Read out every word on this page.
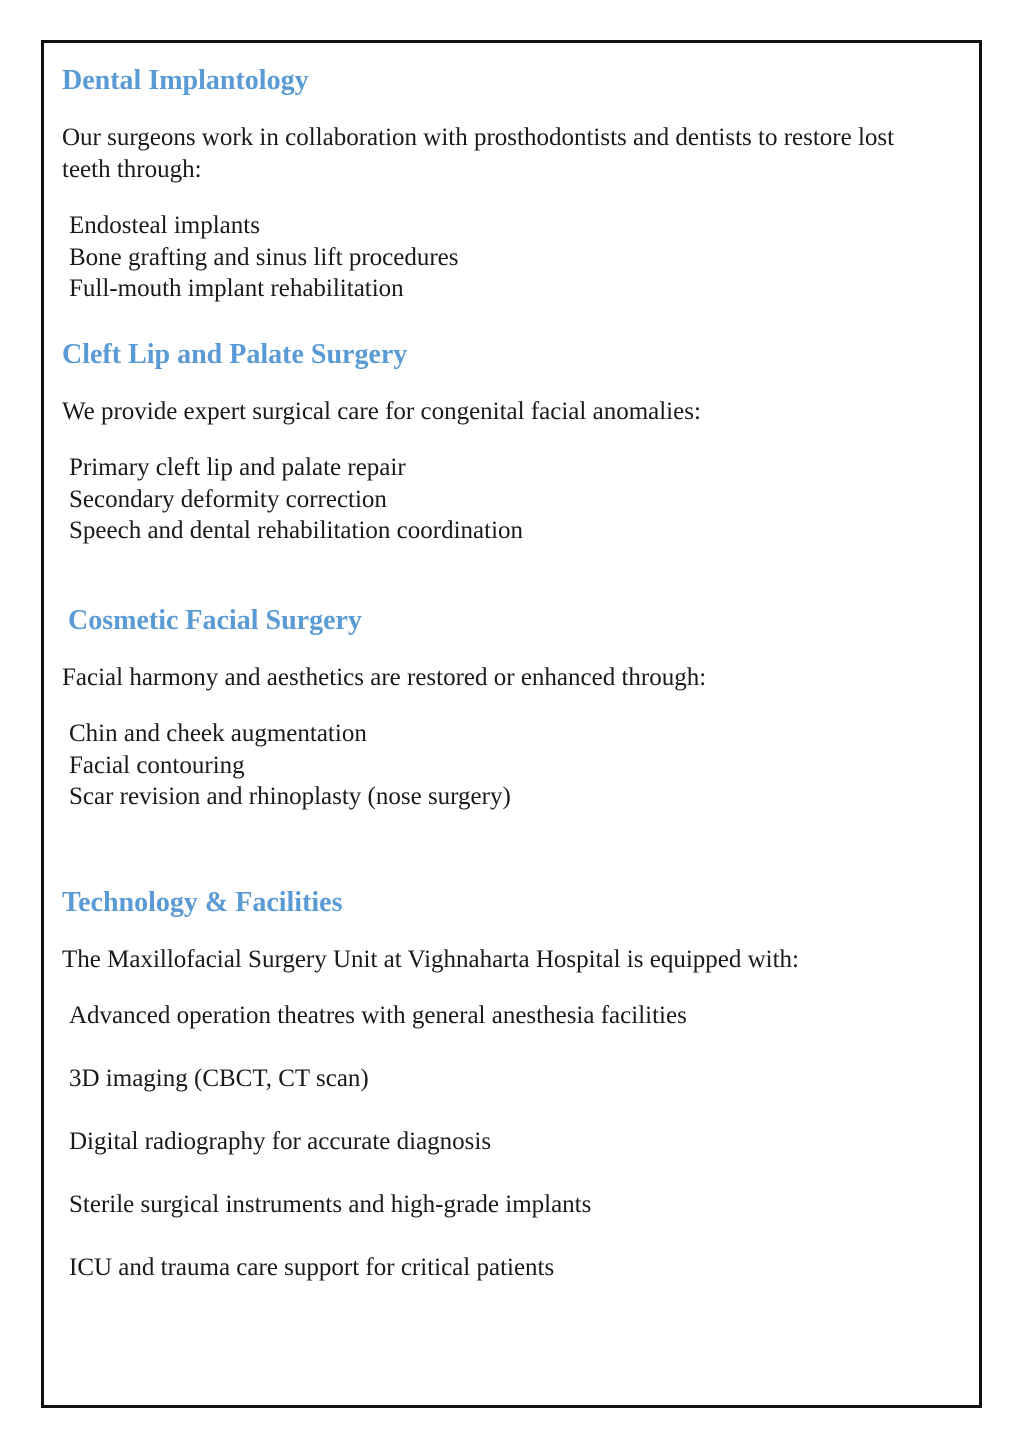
Dental Implantology

Our surgeons work in collaboration with prosthodontists and dentists to restore lost teeth through:

Endosteal implants
Bone grafting and sinus lift procedures
Full-mouth implant rehabilitation
Cleft Lip and Palate Surgery

We provide expert surgical care for congenital facial anomalies:

Primary cleft lip and palate repair
Secondary deformity correction
Speech and dental rehabilitation coordination
Cosmetic Facial Surgery

Facial harmony and aesthetics are restored or enhanced through:

Chin and cheek augmentation
Facial contouring
Scar revision and rhinoplasty (nose surgery)
Technology & Facilities

The Maxillofacial Surgery Unit at Vighnaharta Hospital is equipped with:

Advanced operation theatres with general anesthesia facilities
3D imaging (CBCT, CT scan)
Digital radiography for accurate diagnosis
Sterile surgical instruments and high-grade implants
ICU and trauma care support for critical patients
